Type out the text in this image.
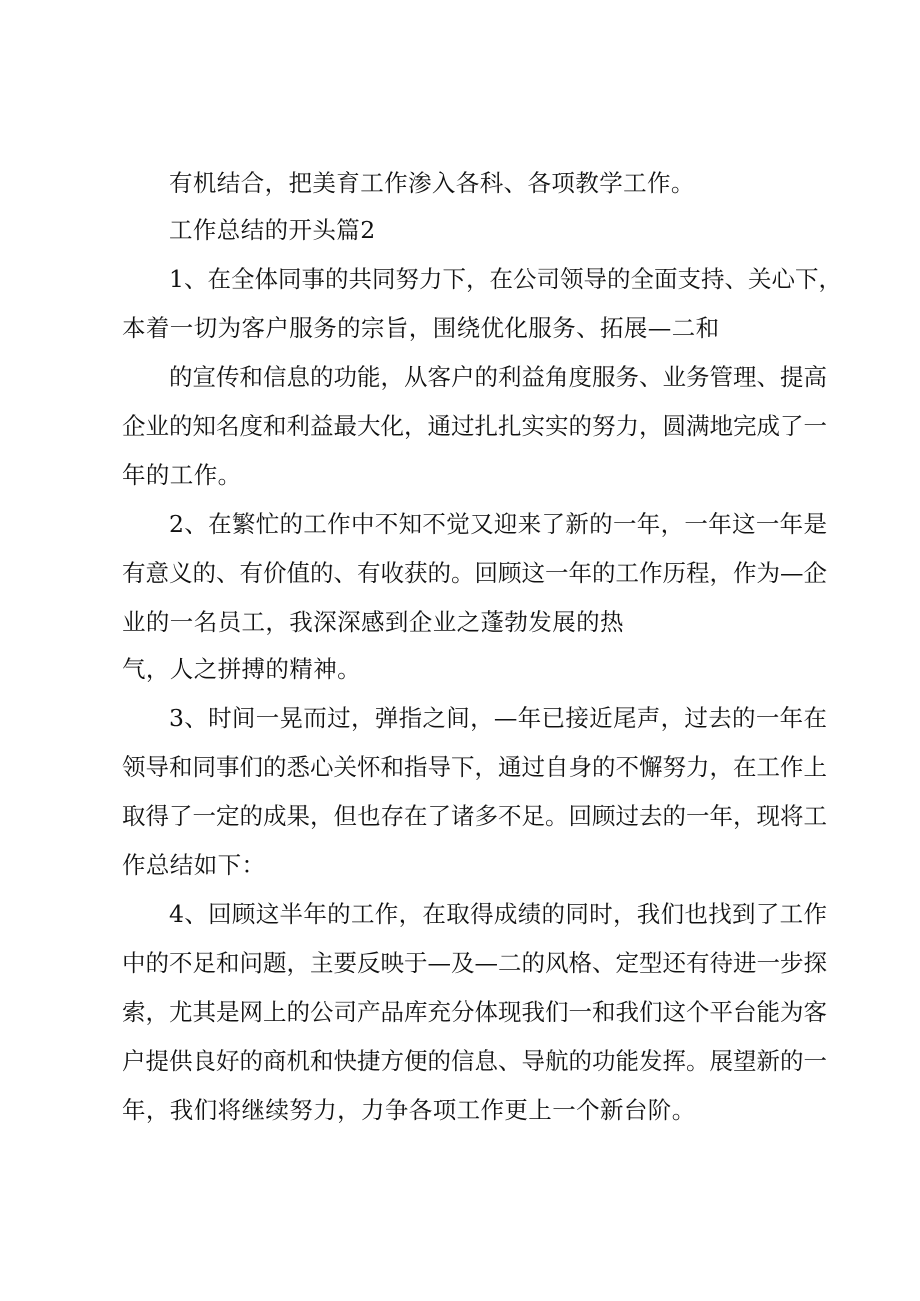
有机结合，把美育工作渗入各科、各项教学工作。
工作总结的开头篇2
1、在全体同事的共同努力下，在公司领导的全面支持、关心下，
本着一切为客户服务的宗旨，围绕优化服务、拓展—二和
的宣传和信息的功能，从客户的利益角度服务、业务管理、提高
企业的知名度和利益最大化，通过扎扎实实的努力，圆满地完成了一
年的工作。
2、在繁忙的工作中不知不觉又迎来了新的一年，一年这一年是
有意义的、有价值的、有收获的。回顾这一年的工作历程，作为—企
业的一名员工，我深深感到企业之蓬勃发展的热
气，人之拼搏的精神。
3、时间一晃而过，弹指之间，—年已接近尾声，过去的一年在
领导和同事们的悉心关怀和指导下，通过自身的不懈努力，在工作上
取得了一定的成果，但也存在了诸多不足。回顾过去的一年，现将工
作总结如下：
4、回顾这半年的工作，在取得成绩的同时，我们也找到了工作
中的不足和问题，主要反映于—及—二的风格、定型还有待进一步探
索，尤其是网上的公司产品库充分体现我们一和我们这个平台能为客
户提供良好的商机和快捷方便的信息、导航的功能发挥。展望新的一
年，我们将继续努力，力争各项工作更上一个新台阶。
